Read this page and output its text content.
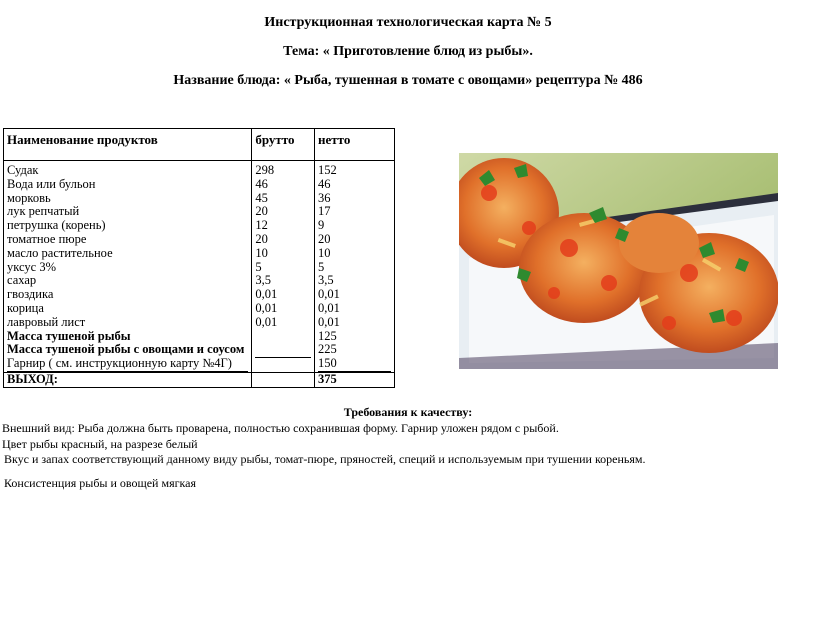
Инструкционная технологическая карта № 5
Тема: « Приготовление блюд из рыбы».
Название блюда: « Рыба, тушенная в томате с овощами» рецептура № 486
Наименование продуктов	брутто	нетто
Судак	298	152
Вода или бульон	46	46
морковь	45	36
лук репчатый	20	17
петрушка (корень)	12	9
томатное пюре	20	20
масло растительное	10	10
уксус 3%	5	5
сахар	3,5	3,5
гвоздика	0,01	0,01
корица	0,01	0,01
лавровый лист	0,01	0,01
Масса тушеной рыбы		125
Масса тушеной рыбы с овощами и соусом		225

Гарнир ( см. инструкционную карту №4Г)		150

ВЫХОД:		375
Требования к качеству:
Внешний вид: Рыба должна быть проварена, полностью сохранившая форму. Гарнир уложен рядом с рыбой.
Цвет рыбы красный, на разрезе белый
Вкус и запах соответствующий данному виду рыбы, томат-пюре, пряностей, специй и используемым при тушении кореньям.
Консистенция рыбы и овощей мягкая
